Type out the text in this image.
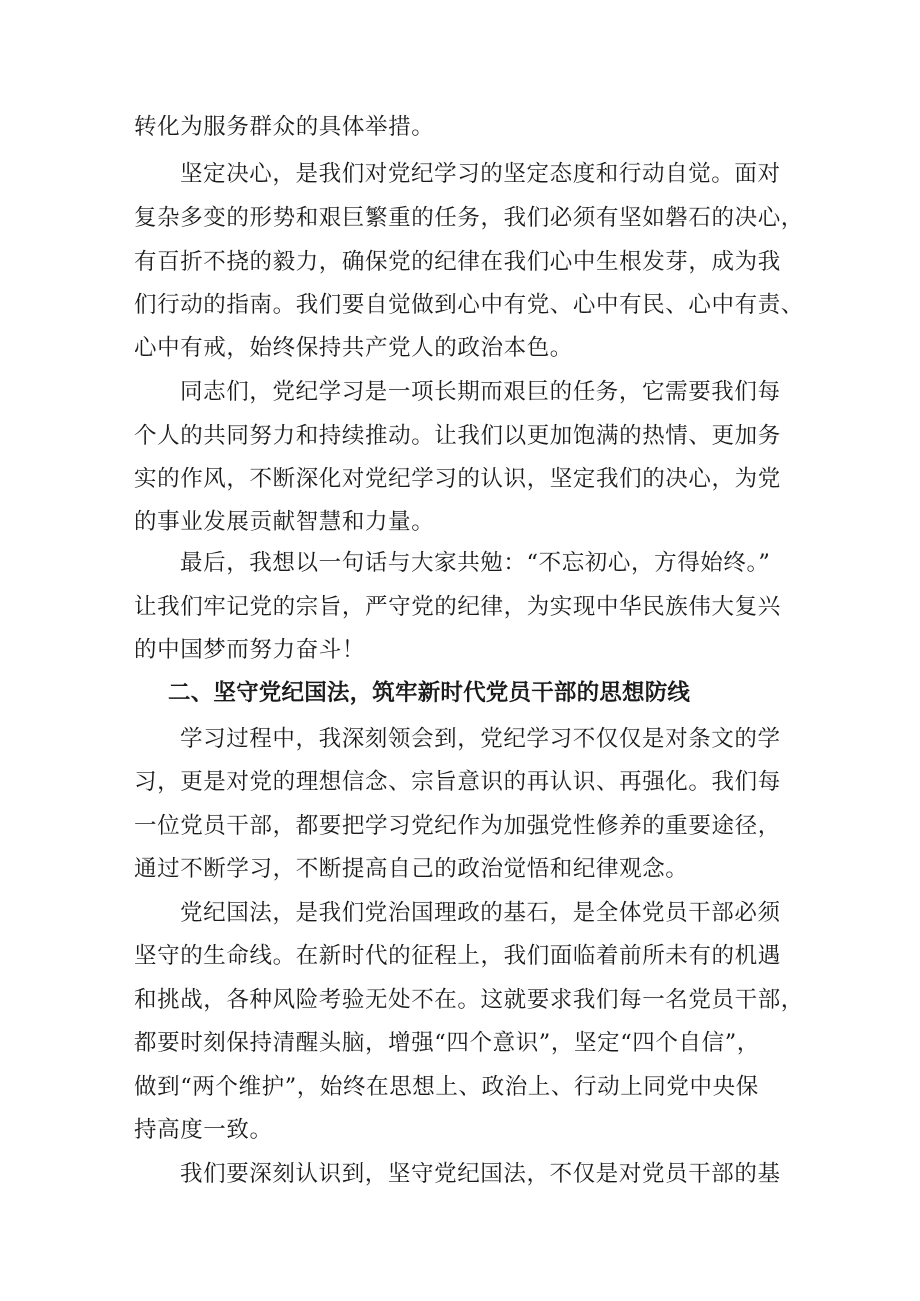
转化为服务群众的具体举措。
坚定决心，是我们对党纪学习的坚定态度和行动自觉。面对
复杂多变的形势和艰巨繁重的任务，我们必须有坚如磐石的决心，
有百折不挠的毅力，确保党的纪律在我们心中生根发芽，成为我
们行动的指南。我们要自觉做到心中有党、心中有民、心中有责、
心中有戒，始终保持共产党人的政治本色。
同志们，党纪学习是一项长期而艰巨的任务，它需要我们每
个人的共同努力和持续推动。让我们以更加饱满的热情、更加务
实的作风，不断深化对党纪学习的认识，坚定我们的决心，为党
的事业发展贡献智慧和力量。
最后，我想以一句话与大家共勉：“不忘初心，方得始终。”
让我们牢记党的宗旨，严守党的纪律，为实现中华民族伟大复兴
的中国梦而努力奋斗！
二、坚守党纪国法，筑牢新时代党员干部的思想防线
学习过程中，我深刻领会到，党纪学习不仅仅是对条文的学
习，更是对党的理想信念、宗旨意识的再认识、再强化。我们每
一位党员干部，都要把学习党纪作为加强党性修养的重要途径，
通过不断学习，不断提高自己的政治觉悟和纪律观念。
党纪国法，是我们党治国理政的基石，是全体党员干部必须
坚守的生命线。在新时代的征程上，我们面临着前所未有的机遇
和挑战，各种风险考验无处不在。这就要求我们每一名党员干部，
都要时刻保持清醒头脑，增强“四个意识”，坚定“四个自信”，
做到“两个维护”，始终在思想上、政治上、行动上同党中央保
持高度一致。
我们要深刻认识到，坚守党纪国法，不仅是对党员干部的基
